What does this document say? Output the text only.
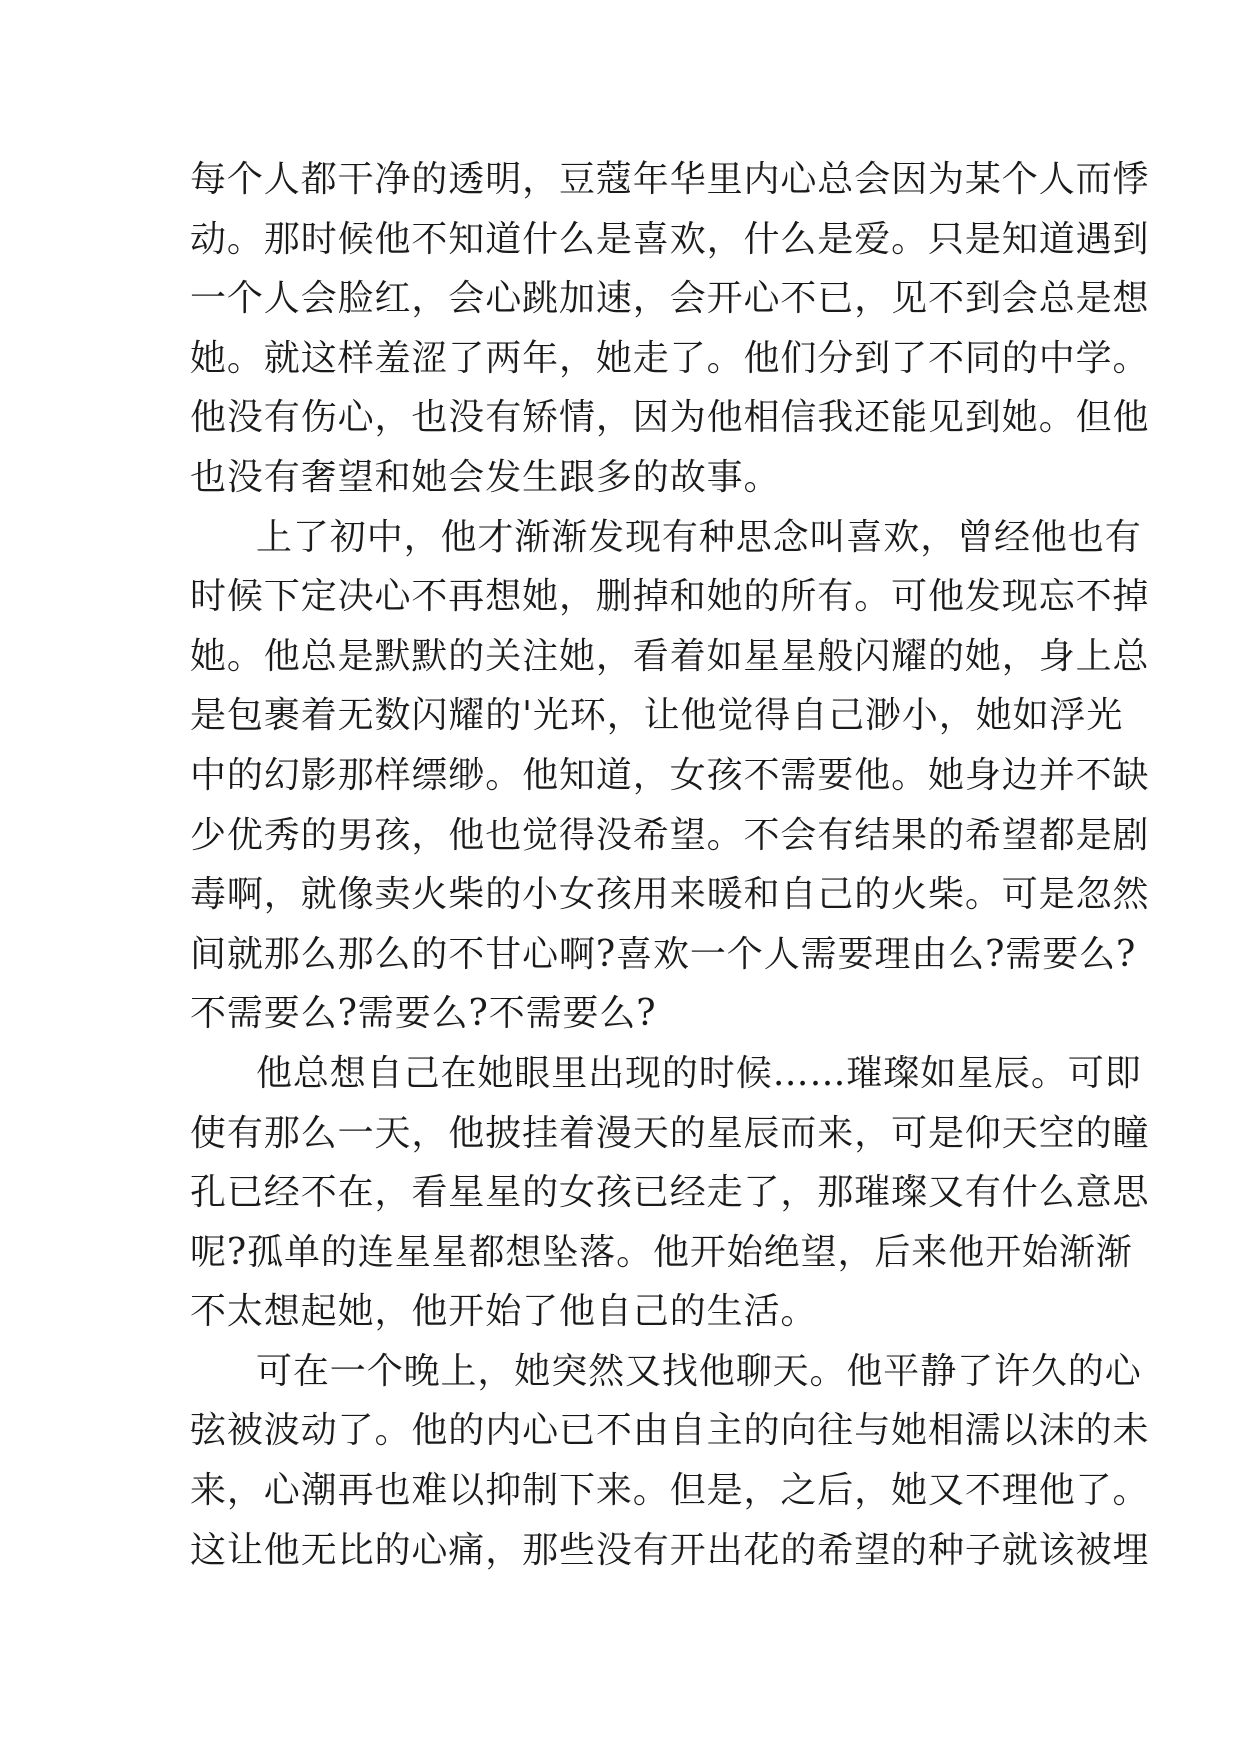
每个人都干净的透明，豆蔻年华里内心总会因为某个人而悸
动。那时候他不知道什么是喜欢，什么是爱。只是知道遇到
一个人会脸红，会心跳加速，会开心不已，见不到会总是想
她。就这样羞涩了两年，她走了。他们分到了不同的中学。
他没有伤心，也没有矫情，因为他相信我还能见到她。但他
也没有奢望和她会发生跟多的故事。
上了初中，他才渐渐发现有种思念叫喜欢，曾经他也有
时候下定决心不再想她，删掉和她的所有。可他发现忘不掉
她。他总是默默的关注她，看着如星星般闪耀的她，身上总
是包裹着无数闪耀的'光环，让他觉得自己渺小，她如浮光
中的幻影那样缥缈。他知道，女孩不需要他。她身边并不缺
少优秀的男孩，他也觉得没希望。不会有结果的希望都是剧
毒啊，就像卖火柴的小女孩用来暖和自己的火柴。可是忽然
间就那么那么的不甘心啊?喜欢一个人需要理由么?需要么?
不需要么?需要么?不需要么?
他总想自己在她眼里出现的时候……璀璨如星辰。可即
使有那么一天，他披挂着漫天的星辰而来，可是仰天空的瞳
孔已经不在，看星星的女孩已经走了，那璀璨又有什么意思
呢?孤单的连星星都想坠落。他开始绝望，后来他开始渐渐
不太想起她，他开始了他自己的生活。
可在一个晚上，她突然又找他聊天。他平静了许久的心
弦被波动了。他的内心已不由自主的向往与她相濡以沫的未
来，心潮再也难以抑制下来。但是，之后，她又不理他了。
这让他无比的心痛，那些没有开出花的希望的种子就该被埋
